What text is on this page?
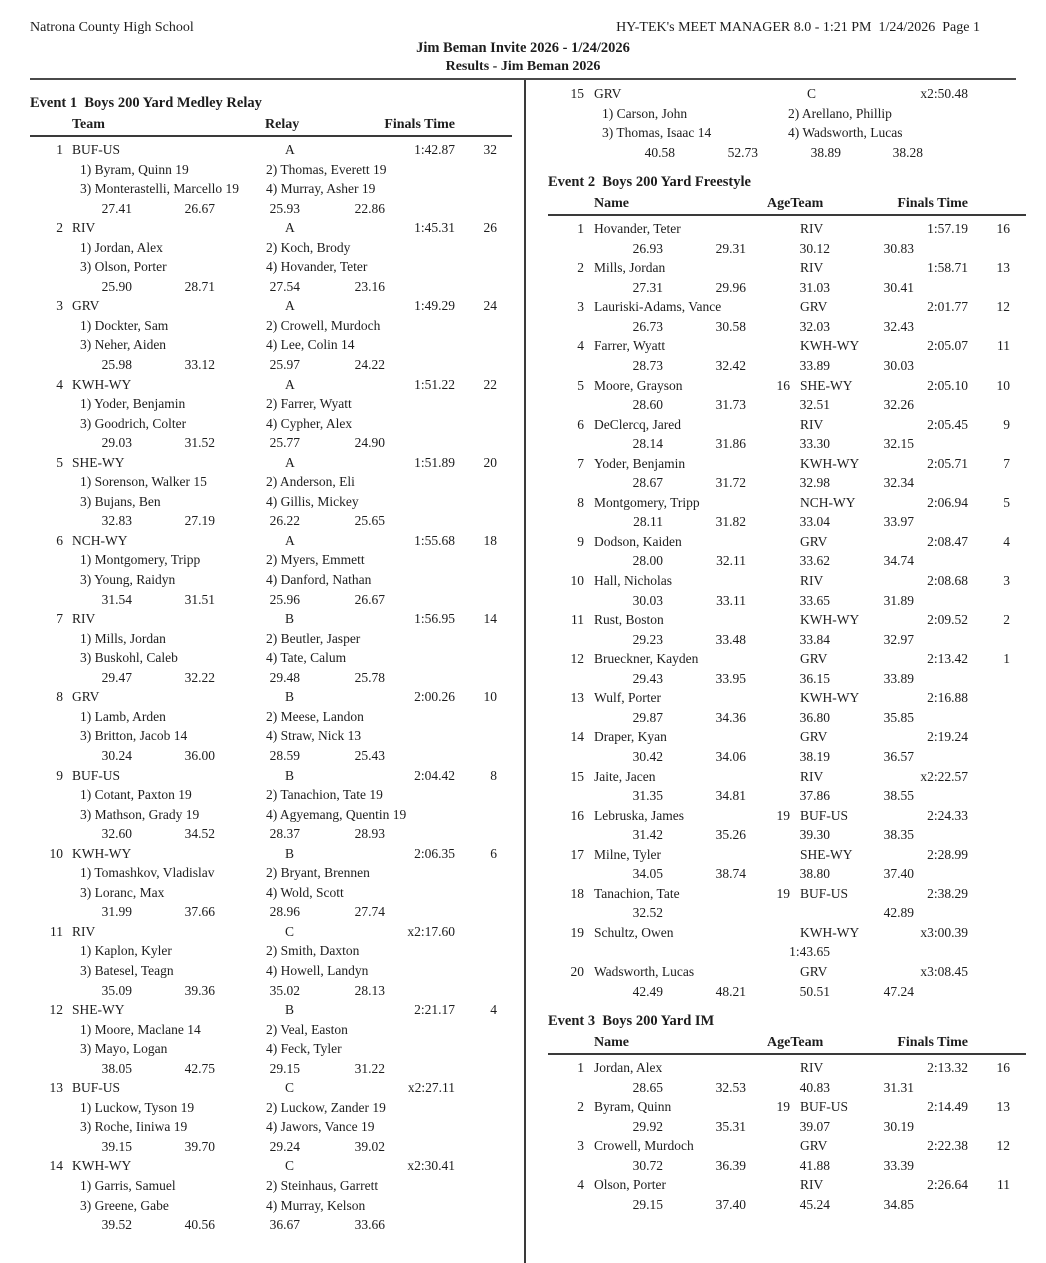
Natrona County High School	HY-TEK's MEET MANAGER 8.0 - 1:21 PM  1/24/2026  Page 1
Jim Beman Invite 2026 - 1/24/2026
Results - Jim Beman 2026
Event 1  Boys 200 Yard Medley Relay
Team	Relay	Finals Time
1 BUF-US	A	1:42.87	32
1) Byram, Quinn 19	2) Thomas, Everett 19
3) Monterastelli, Marcello 19 4) Murray, Asher 19
27.41	26.67	25.93	22.86
2 RIV	A	1:45.31	26
1) Jordan, Alex	2) Koch, Brody
3) Olson, Porter	4) Hovander, Teter
25.90	28.71	27.54	23.16
3 GRV	A	1:49.29	24
1) Dockter, Sam	2) Crowell, Murdoch
3) Neher, Aiden	4) Lee, Colin 14
25.98	33.12	25.97	24.22
4 KWH-WY	A	1:51.22	22
1) Yoder, Benjamin	2) Farrer, Wyatt
3) Goodrich, Colter	4) Cypher, Alex
29.03	31.52	25.77	24.90
5 SHE-WY	A	1:51.89	20
1) Sorenson, Walker 15	2) Anderson, Eli
3) Bujans, Ben	4) Gillis, Mickey
32.83	27.19	26.22	25.65
6 NCH-WY	A	1:55.68	18
1) Montgomery, Tripp	2) Myers, Emmett
3) Young, Raidyn	4) Danford, Nathan
31.54	31.51	25.96	26.67
7 RIV	B	1:56.95	14
1) Mills, Jordan	2) Beutler, Jasper
3) Buskohl, Caleb	4) Tate, Calum
29.47	32.22	29.48	25.78
8 GRV	B	2:00.26	10
1) Lamb, Arden	2) Meese, Landon
3) Britton, Jacob 14	4) Straw, Nick 13
30.24	36.00	28.59	25.43
9 BUF-US	B	2:04.42	8
1) Cotant, Paxton 19	2) Tanachion, Tate 19
3) Mathson, Grady 19	4) Agyemang, Quentin 19
32.60	34.52	28.37	28.93
10 KWH-WY	B	2:06.35	6
1) Tomashkov, Vladislav	2) Bryant, Brennen
3) Loranc, Max	4) Wold, Scott
31.99	37.66	28.96	27.74
11 RIV	C	x2:17.60
1) Kaplon, Kyler	2) Smith, Daxton
3) Batesel, Teagn	4) Howell, Landyn
35.09	39.36	35.02	28.13
12 SHE-WY	B	2:21.17	4
1) Moore, Maclane 14	2) Veal, Easton
3) Mayo, Logan	4) Feck, Tyler
38.05	42.75	29.15	31.22
13 BUF-US	C	x2:27.11
1) Luckow, Tyson 19	2) Luckow, Zander 19
3) Roche, Iiniwa 19	4) Jawors, Vance 19
39.15	39.70	29.24	39.02
14 KWH-WY	C	x2:30.41
1) Garris, Samuel	2) Steinhaus, Garrett
3) Greene, Gabe	4) Murray, Kelson
39.52	40.56	36.67	33.66
15 GRV	C	x2:50.48
1) Carson, John	2) Arellano, Phillip
3) Thomas, Isaac 14	4) Wadsworth, Lucas
40.58	52.73	38.89	38.28
Event 2  Boys 200 Yard Freestyle
Name	AgeTeam	Finals Time
1 Hovander, Teter	RIV	1:57.19	16
26.93	29.31	30.12	30.83
2 Mills, Jordan	RIV	1:58.71	13
27.31	29.96	31.03	30.41
3 Lauriski-Adams, Vance	GRV	2:01.77	12
26.73	30.58	32.03	32.43
4 Farrer, Wyatt	KWH-WY	2:05.07	11
28.73	32.42	33.89	30.03
5 Moore, Grayson	16 SHE-WY	2:05.10	10
28.60	31.73	32.51	32.26
6 DeClercq, Jared	RIV	2:05.45	9
28.14	31.86	33.30	32.15
7 Yoder, Benjamin	KWH-WY	2:05.71	7
28.67	31.72	32.98	32.34
8 Montgomery, Tripp	NCH-WY	2:06.94	5
28.11	31.82	33.04	33.97
9 Dodson, Kaiden	GRV	2:08.47	4
28.00	32.11	33.62	34.74
10 Hall, Nicholas	RIV	2:08.68	3
30.03	33.11	33.65	31.89
11 Rust, Boston	KWH-WY	2:09.52	2
29.23	33.48	33.84	32.97
12 Brueckner, Kayden	GRV	2:13.42	1
29.43	33.95	36.15	33.89
13 Wulf, Porter	KWH-WY	2:16.88
29.87	34.36	36.80	35.85
14 Draper, Kyan	GRV	2:19.24
30.42	34.06	38.19	36.57
15 Jaite, Jacen	RIV	x2:22.57
31.35	34.81	37.86	38.55
16 Lebruska, James	19 BUF-US	2:24.33
31.42	35.26	39.30	38.35
17 Milne, Tyler	SHE-WY	2:28.99
34.05	38.74	38.80	37.40
18 Tanachion, Tate	19 BUF-US	2:38.29
32.52	42.89
19 Schultz, Owen	KWH-WY	x3:00.39
1:43.65
20 Wadsworth, Lucas	GRV	x3:08.45
42.49	48.21	50.51	47.24
Event 3  Boys 200 Yard IM
Name	AgeTeam	Finals Time
1 Jordan, Alex	RIV	2:13.32	16
28.65	32.53	40.83	31.31
2 Byram, Quinn	19 BUF-US	2:14.49	13
29.92	35.31	39.07	30.19
3 Crowell, Murdoch	GRV	2:22.38	12
30.72	36.39	41.88	33.39
4 Olson, Porter	RIV	2:26.64	11
29.15	37.40	45.24	34.85
